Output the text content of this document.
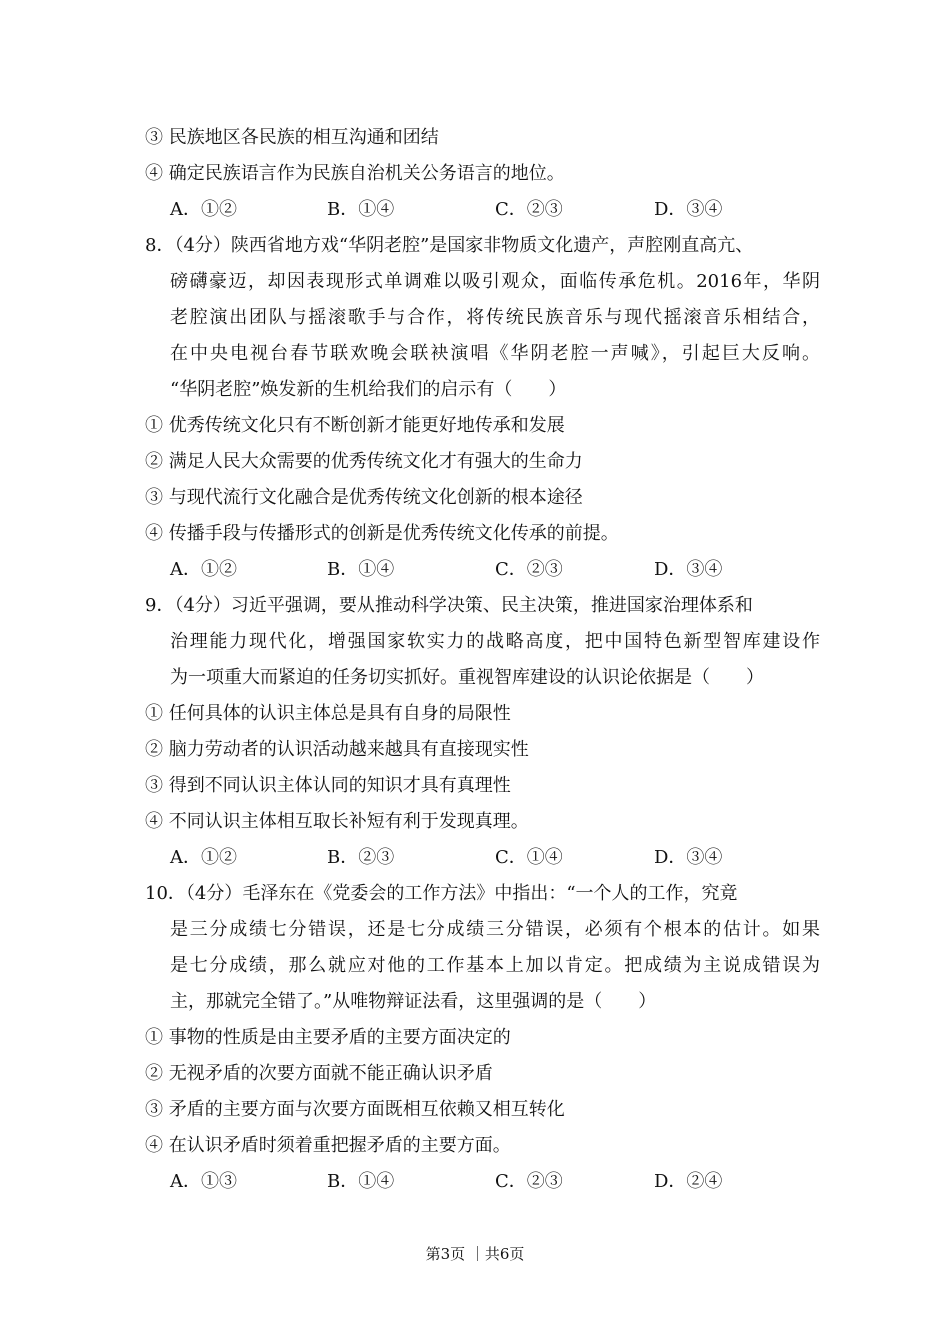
③ 民族地区各民族的相互沟通和团结
④ 确定民族语言作为民族自治机关公务语言的地位。
A．①②	B．①④	C．②③	D．③④
8．（4分）陕西省地方戏“华阴老腔”是国家非物质文化遗产，声腔刚直高亢、
磅礴豪迈，却因表现形式单调难以吸引观众，面临传承危机。2016年，华阴
老腔演出团队与摇滚歌手与合作，将传统民族音乐与现代摇滚音乐相结合，
在中央电视台春节联欢晚会联袂演唱《华阴老腔一声喊》，引起巨大反响。
“华阴老腔”焕发新的生机给我们的启示有（　　）
① 优秀传统文化只有不断创新才能更好地传承和发展
② 满足人民大众需要的优秀传统文化才有强大的生命力
③ 与现代流行文化融合是优秀传统文化创新的根本途径
④ 传播手段与传播形式的创新是优秀传统文化传承的前提。
A．①②	B．①④	C．②③	D．③④
9．（4分）习近平强调，要从推动科学决策、民主决策，推进国家治理体系和
治理能力现代化，增强国家软实力的战略高度，把中国特色新型智库建设作
为一项重大而紧迫的任务切实抓好。重视智库建设的认识论依据是（　　）
① 任何具体的认识主体总是具有自身的局限性
② 脑力劳动者的认识活动越来越具有直接现实性
③ 得到不同认识主体认同的知识才具有真理性
④ 不同认识主体相互取长补短有利于发现真理。
A．①②	B．②③	C．①④	D．③④
10．（4分）毛泽东在《党委会的工作方法》中指出：“一个人的工作，究竟
是三分成绩七分错误，还是七分成绩三分错误，必须有个根本的估计。如果
是七分成绩，那么就应对他的工作基本上加以肯定。把成绩为主说成错误为
主，那就完全错了。”从唯物辩证法看，这里强调的是（　　）
① 事物的性质是由主要矛盾的主要方面决定的
② 无视矛盾的次要方面就不能正确认识矛盾
③ 矛盾的主要方面与次要方面既相互依赖又相互转化
④ 在认识矛盾时须着重把握矛盾的主要方面。
A．①③	B．①④	C．②③	D．②④
第3页 ｜共6页
